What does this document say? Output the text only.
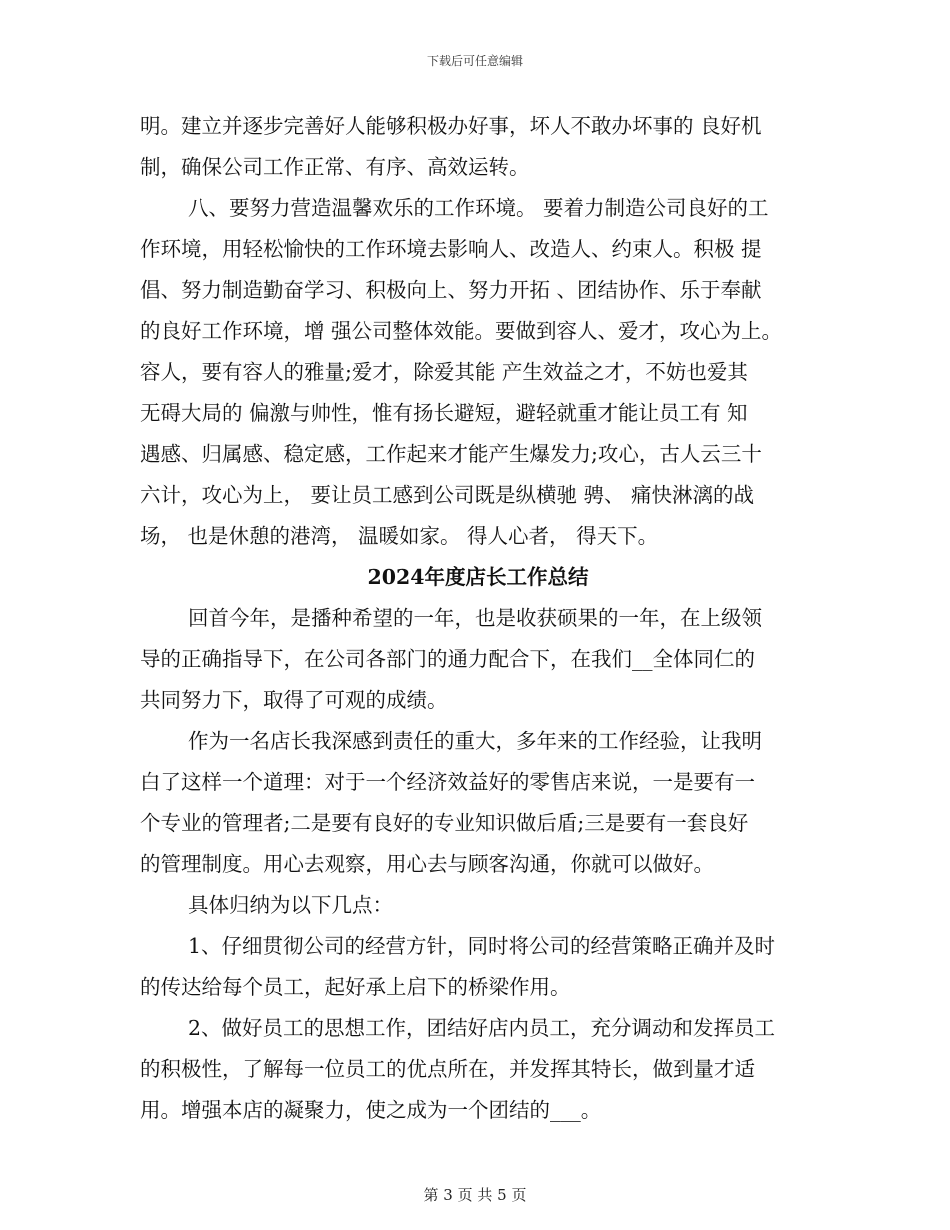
下载后可任意编辑
明。建立并逐步完善好人能够积极办好事，坏人不敢办坏事的 良好机
制，确保公司工作正常、有序、高效运转。
八、要努力营造温馨欢乐的工作环境。 要着力制造公司良好的工
作环境，用轻松愉快的工作环境去影响人、改造人、约束人。积极 提
倡、努力制造勤奋学习、积极向上、努力开拓 、团结协作、乐于奉献
的良好工作环境，增 强公司整体效能。要做到容人、爱才，攻心为上。
容人，要有容人的雅量;爱才，除爱其能 产生效益之才，不妨也爱其
无碍大局的 偏激与帅性，惟有扬长避短，避轻就重才能让员工有 知
遇感、归属感、稳定感，工作起来才能产生爆发力;攻心，古人云三十
六计，攻心为上， 要让员工感到公司既是纵横驰 骋、 痛快淋漓的战
场， 也是休憩的港湾， 温暖如家。 得人心者， 得天下。
2024年度店长工作总结
回首今年，是播种希望的一年，也是收获硕果的一年，在上级领
导的正确指导下，在公司各部门的通力配合下，在我们__全体同仁的
共同努力下，取得了可观的成绩。
作为一名店长我深感到责任的重大，多年来的工作经验，让我明
白了这样一个道理：对于一个经济效益好的零售店来说，一是要有一
个专业的管理者;二是要有良好的专业知识做后盾;三是要有一套良好
的管理制度。用心去观察，用心去与顾客沟通，你就可以做好。
具体归纳为以下几点：
1、仔细贯彻公司的经营方针，同时将公司的经营策略正确并及时
的传达给每个员工，起好承上启下的桥梁作用。
2、做好员工的思想工作，团结好店内员工，充分调动和发挥员工
的积极性，了解每一位员工的优点所在，并发挥其特长，做到量才适
用。增强本店的凝聚力，使之成为一个团结的___。
第 3 页 共 5 页
